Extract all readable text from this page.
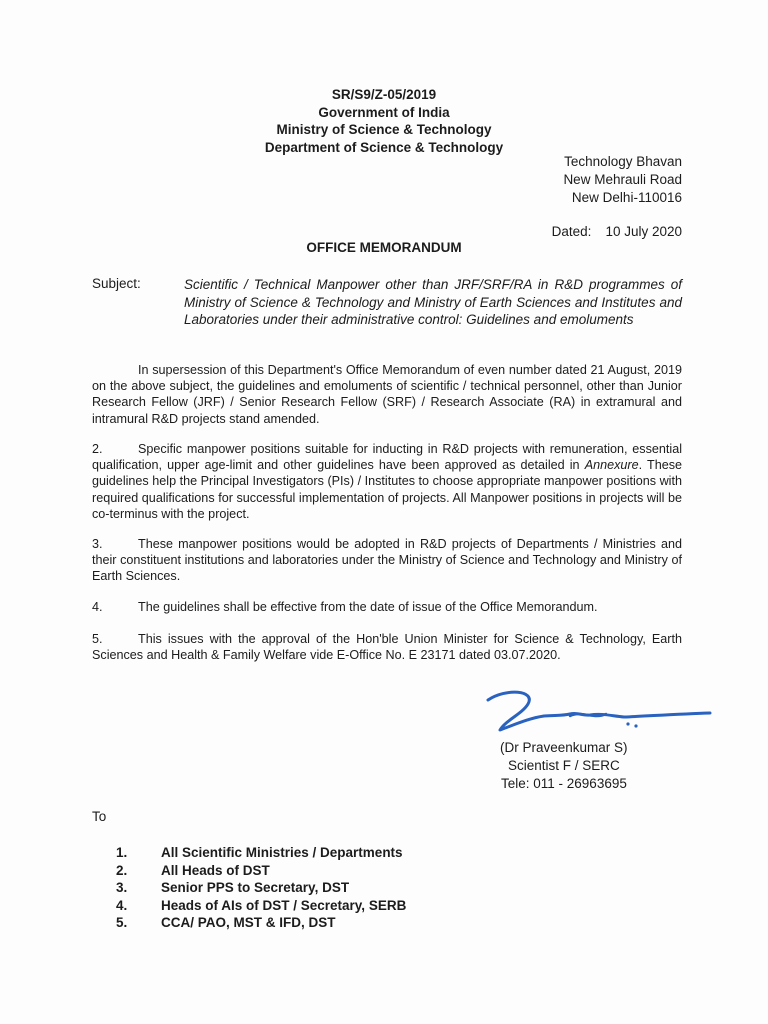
SR/S9/Z-05/2019
Government of India
Ministry of Science & Technology
Department of Science & Technology
Technology Bhavan
New Mehrauli Road
New Delhi-110016
Dated: 10 July 2020
OFFICE MEMORANDUM
Subject:	Scientific / Technical Manpower other than JRF/SRF/RA in R&D programmes of Ministry of Science & Technology and Ministry of Earth Sciences and Institutes and Laboratories under their administrative control: Guidelines and emoluments
In supersession of this Department's Office Memorandum of even number dated 21 August, 2019 on the above subject, the guidelines and emoluments of scientific / technical personnel, other than Junior Research Fellow (JRF) / Senior Research Fellow (SRF) / Research Associate (RA) in extramural and intramural R&D projects stand amended.
2.	Specific manpower positions suitable for inducting in R&D projects with remuneration, essential qualification, upper age-limit and other guidelines have been approved as detailed in Annexure. These guidelines help the Principal Investigators (PIs) / Institutes to choose appropriate manpower positions with required qualifications for successful implementation of projects. All Manpower positions in projects will be co-terminus with the project.
3.	These manpower positions would be adopted in R&D projects of Departments / Ministries and their constituent institutions and laboratories under the Ministry of Science and Technology and Ministry of Earth Sciences.
4.	The guidelines shall be effective from the date of issue of the Office Memorandum.
5.	This issues with the approval of the Hon'ble Union Minister for Science & Technology, Earth Sciences and Health & Family Welfare vide E-Office No. E 23171 dated 03.07.2020.
(Dr Praveenkumar S)
Scientist F / SERC
Tele: 011 - 26963695
To
1.	All Scientific Ministries / Departments
2.	All Heads of DST
3.	Senior PPS to Secretary, DST
4.	Heads of AIs of DST / Secretary, SERB
5.	CCA/ PAO, MST & IFD, DST
